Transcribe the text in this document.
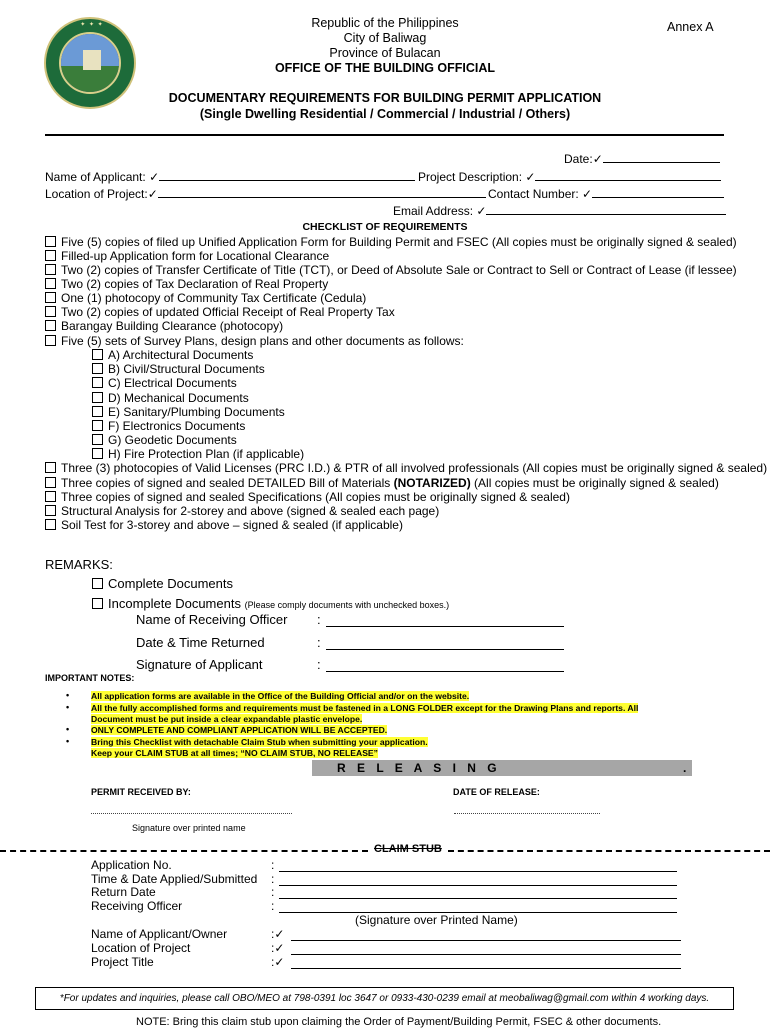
✦ ✦ ✦	Republic of the Philippines
City of Baliwag
Province of Bulacan
OFFICE OF THE BUILDING OFFICIAL
Annex A
DOCUMENTARY REQUIREMENTS FOR BUILDING PERMIT APPLICATION
(Single Dwelling Residential / Commercial / Industrial / Others)
Date:✓
Name of Applicant: ✓	Project Description: ✓
Location of Project:✓	Contact Number: ✓
Email Address: ✓
CHECKLIST OF REQUIREMENTS
Five (5) copies of filed up Unified Application Form for Building Permit and FSEC (All copies must be originally signed & sealed)
Filled-up Application form for Locational Clearance
Two (2) copies of Transfer Certificate of Title (TCT), or Deed of Absolute Sale or Contract to Sell or Contract of Lease (if lessee)
Two (2) copies of Tax Declaration of Real Property
One (1) photocopy of Community Tax Certificate (Cedula)
Two (2) copies of updated Official Receipt of Real Property Tax
Barangay Building Clearance (photocopy)
Five (5) sets of Survey Plans, design plans and other documents as follows:
A) Architectural Documents
B) Civil/Structural Documents
C) Electrical Documents
D) Mechanical Documents
E) Sanitary/Plumbing Documents
F) Electronics Documents
G) Geodetic Documents
H) Fire Protection Plan (if applicable)
Three (3) photocopies of Valid Licenses (PRC I.D.) & PTR of all involved professionals (All copies must be originally signed & sealed)
Three copies of signed and sealed DETAILED Bill of Materials (NOTARIZED) (All copies must be originally signed & sealed)
Three copies of signed and sealed Specifications (All copies must be originally signed & sealed)
Structural Analysis for 2-storey and above (signed & sealed each page)
Soil Test for 3-storey and above – signed & sealed (if applicable)
REMARKS:
Complete Documents
Incomplete Documents (Please comply documents with unchecked boxes.)
Name of Receiving Officer :
Date & Time Returned	:
Signature of Applicant	:
IMPORTANT NOTES:
•	All application forms are available in the Office of the Building Official and/or on the website.
•	All the fully accomplished forms and requirements must be fastened in a LONG FOLDER except for the Drawing Plans and reports. All
Document must be put inside a clear expandable plastic envelope.
•	ONLY COMPLETE AND COMPLIANT APPLICATION WILL BE ACCEPTED.
•	Bring this Checklist with detachable Claim Stub when submitting your application.
Keep your CLAIM STUB at all times; “NO CLAIM STUB, NO RELEASE”
R E L E A S I N G	.
PERMIT RECEIVED BY:	DATE OF RELEASE:
Signature over printed name
CLAIM STUB
Application No.	:
Time & Date Applied/Submitted :
Return Date	:
Receiving Officer	:
(Signature over Printed Name)
Name of Applicant/Owner	:✓
Location of Project	:✓
Project Title	:✓
*For updates and inquiries, please call OBO/MEO at 798-0391 loc 3647 or 0933-430-0239 email at meobaliwag@gmail.com within 4 working days.
NOTE: Bring this claim stub upon claiming the Order of Payment/Building Permit, FSEC & other documents.
